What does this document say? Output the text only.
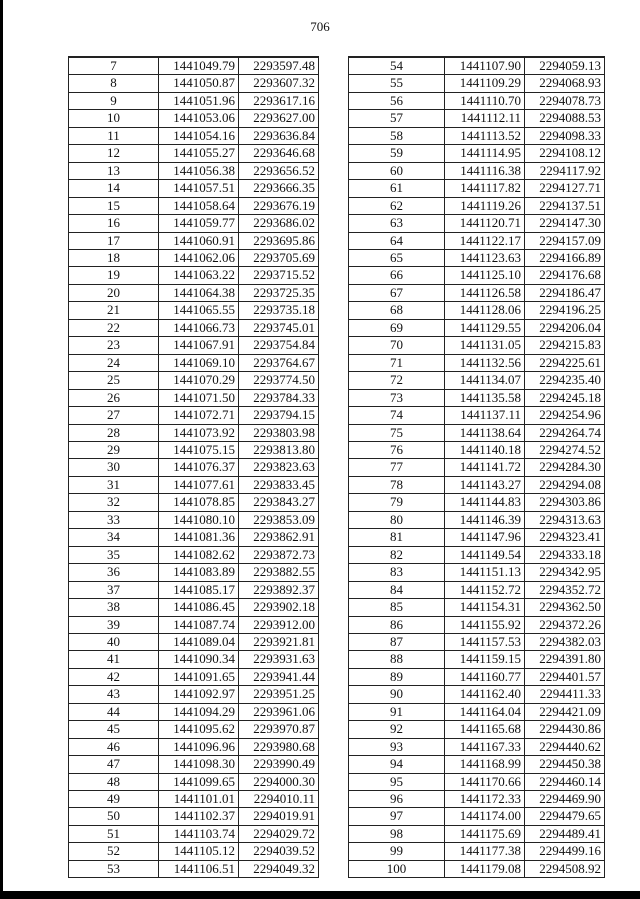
706
7	1441049.79	2293597.48
8	1441050.87	2293607.32
9	1441051.96	2293617.16
10	1441053.06	2293627.00
11	1441054.16	2293636.84
12	1441055.27	2293646.68
13	1441056.38	2293656.52
14	1441057.51	2293666.35
15	1441058.64	2293676.19
16	1441059.77	2293686.02
17	1441060.91	2293695.86
18	1441062.06	2293705.69
19	1441063.22	2293715.52
20	1441064.38	2293725.35
21	1441065.55	2293735.18
22	1441066.73	2293745.01
23	1441067.91	2293754.84
24	1441069.10	2293764.67
25	1441070.29	2293774.50
26	1441071.50	2293784.33
27	1441072.71	2293794.15
28	1441073.92	2293803.98
29	1441075.15	2293813.80
30	1441076.37	2293823.63
31	1441077.61	2293833.45
32	1441078.85	2293843.27
33	1441080.10	2293853.09
34	1441081.36	2293862.91
35	1441082.62	2293872.73
36	1441083.89	2293882.55
37	1441085.17	2293892.37
38	1441086.45	2293902.18
39	1441087.74	2293912.00
40	1441089.04	2293921.81
41	1441090.34	2293931.63
42	1441091.65	2293941.44
43	1441092.97	2293951.25
44	1441094.29	2293961.06
45	1441095.62	2293970.87
46	1441096.96	2293980.68
47	1441098.30	2293990.49
48	1441099.65	2294000.30
49	1441101.01	2294010.11
50	1441102.37	2294019.91
51	1441103.74	2294029.72
52	1441105.12	2294039.52
53	1441106.51	2294049.32
54	1441107.90	2294059.13
55	1441109.29	2294068.93
56	1441110.70	2294078.73
57	1441112.11	2294088.53
58	1441113.52	2294098.33
59	1441114.95	2294108.12
60	1441116.38	2294117.92
61	1441117.82	2294127.71
62	1441119.26	2294137.51
63	1441120.71	2294147.30
64	1441122.17	2294157.09
65	1441123.63	2294166.89
66	1441125.10	2294176.68
67	1441126.58	2294186.47
68	1441128.06	2294196.25
69	1441129.55	2294206.04
70	1441131.05	2294215.83
71	1441132.56	2294225.61
72	1441134.07	2294235.40
73	1441135.58	2294245.18
74	1441137.11	2294254.96
75	1441138.64	2294264.74
76	1441140.18	2294274.52
77	1441141.72	2294284.30
78	1441143.27	2294294.08
79	1441144.83	2294303.86
80	1441146.39	2294313.63
81	1441147.96	2294323.41
82	1441149.54	2294333.18
83	1441151.13	2294342.95
84	1441152.72	2294352.72
85	1441154.31	2294362.50
86	1441155.92	2294372.26
87	1441157.53	2294382.03
88	1441159.15	2294391.80
89	1441160.77	2294401.57
90	1441162.40	2294411.33
91	1441164.04	2294421.09
92	1441165.68	2294430.86
93	1441167.33	2294440.62
94	1441168.99	2294450.38
95	1441170.66	2294460.14
96	1441172.33	2294469.90
97	1441174.00	2294479.65
98	1441175.69	2294489.41
99	1441177.38	2294499.16
100	1441179.08	2294508.92
